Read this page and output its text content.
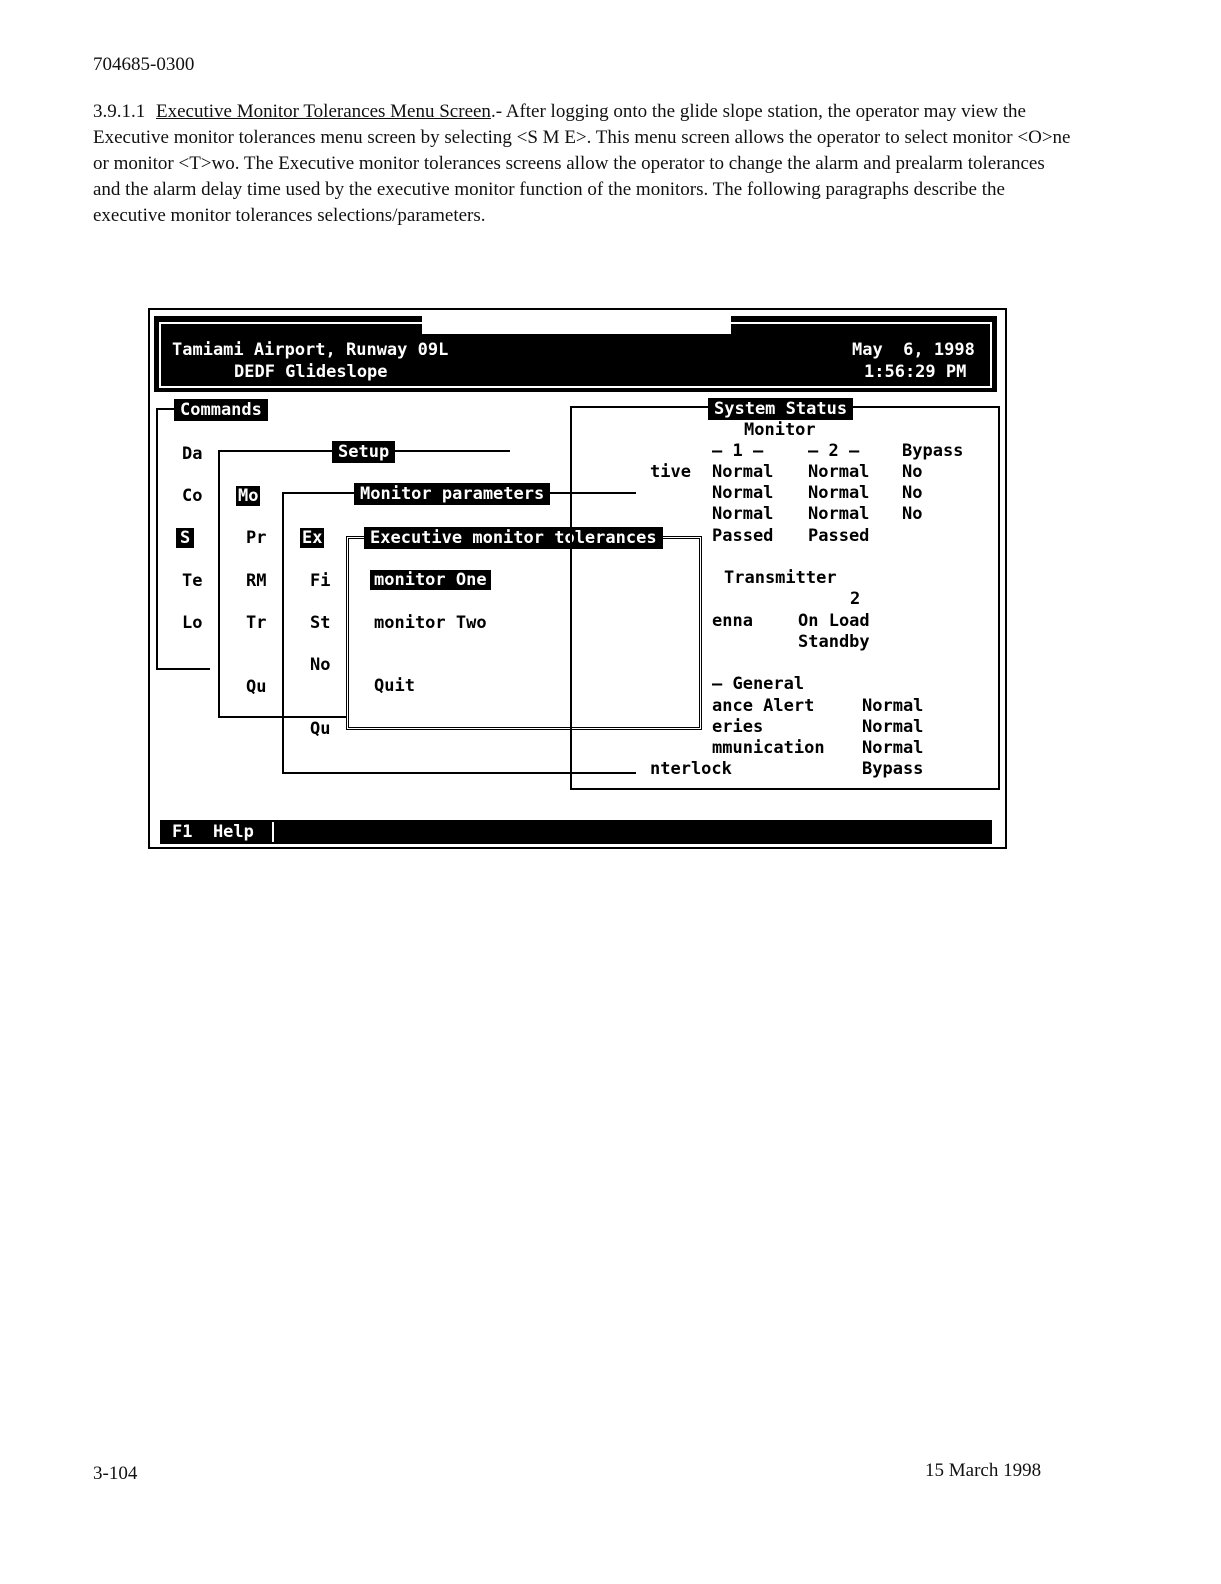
704685-0300
3.9.1.1 Executive Monitor Tolerances Menu Screen.- After logging onto the glide slope station, the operator may view the Executive monitor tolerances menu screen by selecting <S M E>. This menu screen allows the operator to select monitor <O>ne or monitor <T>wo. The Executive monitor tolerances screens allow the operator to change the alarm and prealarm tolerances and the alarm delay time used by the executive monitor function of the monitors. The following paragraphs describe the executive monitor tolerances selections/parameters.
WILCOX Mark 20A ILS EMULATION
Tamiami Airport, Runway 09L
DEDF Glideslope
May  6, 1998
1:56:29 PM
Commands
Da
Co
S
Te
Lo
Setup
Mo
Pr
RM
Tr
Qu
Monitor parameters
Ex
Fi
St
No
Qu
Executive monitor tolerances
monitor One
monitor Two
Quit
System Status
Monitor
— 1 —	— 2 —	Bypass
tive Normal Normal No
Normal Normal No
Normal Normal No
Passed Passed
Transmitter
2
enna	On Load
Standby
— General
ance Alert	Normal
eries	Normal
mmunication Normal
nterlock	Bypass
F1  Help
3-104	15 March 1998
